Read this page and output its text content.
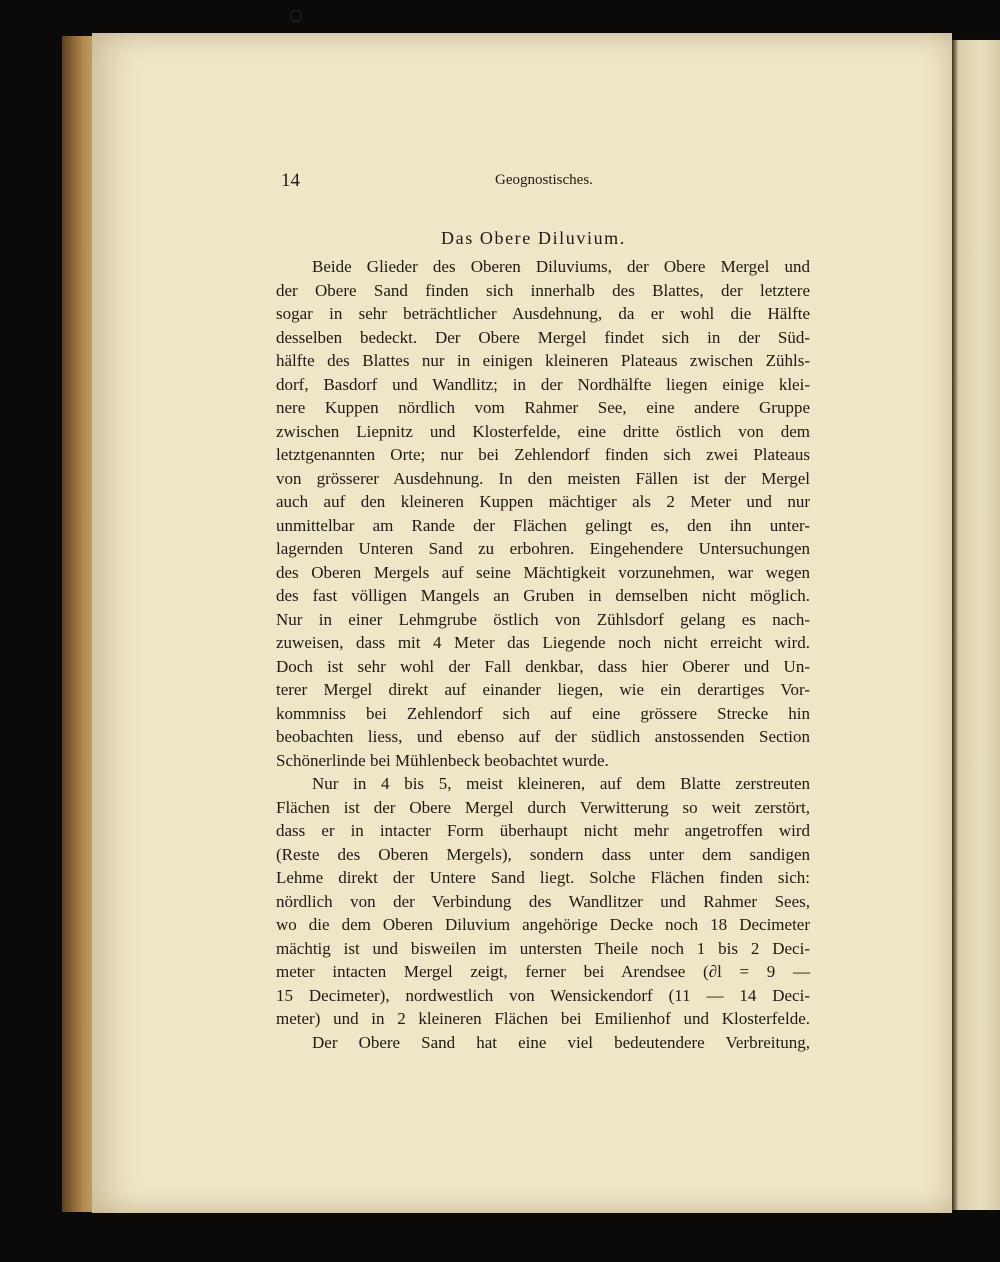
14	Geognostisches.
Das Obere Diluvium.
Beide Glieder des Oberen Diluviums, der Obere Mergel und
der Obere Sand finden sich innerhalb des Blattes, der letztere
sogar in sehr beträchtlicher Ausdehnung, da er wohl die Hälfte
desselben bedeckt. Der Obere Mergel findet sich in der Süd-
hälfte des Blattes nur in einigen kleineren Plateaus zwischen Zühls-
dorf, Basdorf und Wandlitz; in der Nordhälfte liegen einige klei-
nere Kuppen nördlich vom Rahmer See, eine andere Gruppe
zwischen Liepnitz und Klosterfelde, eine dritte östlich von dem
letztgenannten Orte; nur bei Zehlendorf finden sich zwei Plateaus
von grösserer Ausdehnung. In den meisten Fällen ist der Mergel
auch auf den kleineren Kuppen mächtiger als 2 Meter und nur
unmittelbar am Rande der Flächen gelingt es, den ihn unter-
lagernden Unteren Sand zu erbohren. Eingehendere Untersuchungen
des Oberen Mergels auf seine Mächtigkeit vorzunehmen, war wegen
des fast völligen Mangels an Gruben in demselben nicht möglich.
Nur in einer Lehmgrube östlich von Zühlsdorf gelang es nach-
zuweisen, dass mit 4 Meter das Liegende noch nicht erreicht wird.
Doch ist sehr wohl der Fall denkbar, dass hier Oberer und Un-
terer Mergel direkt auf einander liegen, wie ein derartiges Vor-
kommniss bei Zehlendorf sich auf eine grössere Strecke hin
beobachten liess, und ebenso auf der südlich anstossenden Section
Schönerlinde bei Mühlenbeck beobachtet wurde.
Nur in 4 bis 5, meist kleineren, auf dem Blatte zerstreuten
Flächen ist der Obere Mergel durch Verwitterung so weit zerstört,
dass er in intacter Form überhaupt nicht mehr angetroffen wird
(Reste des Oberen Mergels), sondern dass unter dem sandigen
Lehme direkt der Untere Sand liegt. Solche Flächen finden sich:
nördlich von der Verbindung des Wandlitzer und Rahmer Sees,
wo die dem Oberen Diluvium angehörige Decke noch 18 Decimeter
mächtig ist und bisweilen im untersten Theile noch 1 bis 2 Deci-
meter intacten Mergel zeigt, ferner bei Arendsee (∂l = 9 —
15 Decimeter), nordwestlich von Wensickendorf (11 — 14 Deci-
meter) und in 2 kleineren Flächen bei Emilienhof und Klosterfelde.
Der Obere Sand hat eine viel bedeutendere Verbreitung,
